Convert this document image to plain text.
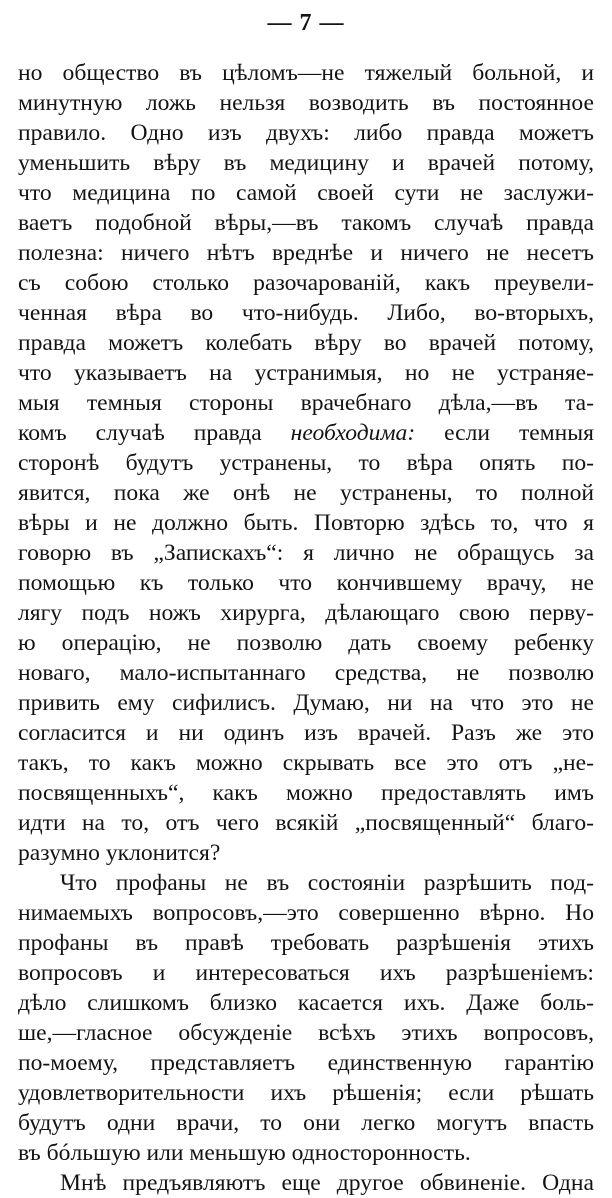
— 7 —
но общество въ цѣломъ—не тяжелый больной, и
минутную ложь нельзя возводить въ постоянное
правило. Одно изъ двухъ: либо правда можетъ
уменьшить вѣру въ медицину и врачей потому,
что медицина по самой своей сути не заслужи-
ваетъ подобной вѣры,—въ такомъ случаѣ правда
полезна: ничего нѣтъ вреднѣе и ничего не несетъ
съ собою столько разочарованій, какъ преувели-
ченная вѣра во что-нибудь. Либо, во-вторыхъ,
правда можетъ колебать вѣру во врачей потому,
что указываетъ на устранимыя, но не устраняе-
мыя темныя стороны врачебнаго дѣла,—въ та-
комъ случаѣ правда необходима: если темныя
сторонѣ будутъ устранены, то вѣра опять по-
явится, пока же онѣ не устранены, то полной
вѣры и не должно быть. Повторю здѣсь то, что я
говорю въ „Запискахъ“: я лично не обращусь за
помощью къ только что кончившему врачу, не
лягу подъ ножъ хирурга, дѣлающаго свою перву-
ю операцію, не позволю дать своему ребенку
новаго, мало-испытаннаго средства, не позволю
привить ему сифилисъ. Думаю, ни на что это не
согласится и ни одинъ изъ врачей. Разъ же это
такъ, то какъ можно скрывать все это отъ „не-
посвященныхъ“, какъ можно предоставлять имъ
идти на то, отъ чего всякій „посвященный“ благо-
разумно уклонится?
Что профаны не въ состояніи разрѣшить под-
нимаемыхъ вопросовъ,—это совершенно вѣрно. Но
профаны въ правѣ требовать разрѣшенія этихъ
вопросовъ и интересоваться ихъ разрѣшеніемъ:
дѣло слишкомъ близко касается ихъ. Даже боль-
ше,—гласное обсужденіе всѣхъ этихъ вопросовъ,
по-моему, представляетъ единственную гарантію
удовлетворительности ихъ рѣшенія; если рѣшать
будутъ одни врачи, то они легко могутъ впасть
въ бóльшую или меньшую односторонность.
Мнѣ предъявляютъ еще другое обвиненіе. Одна
